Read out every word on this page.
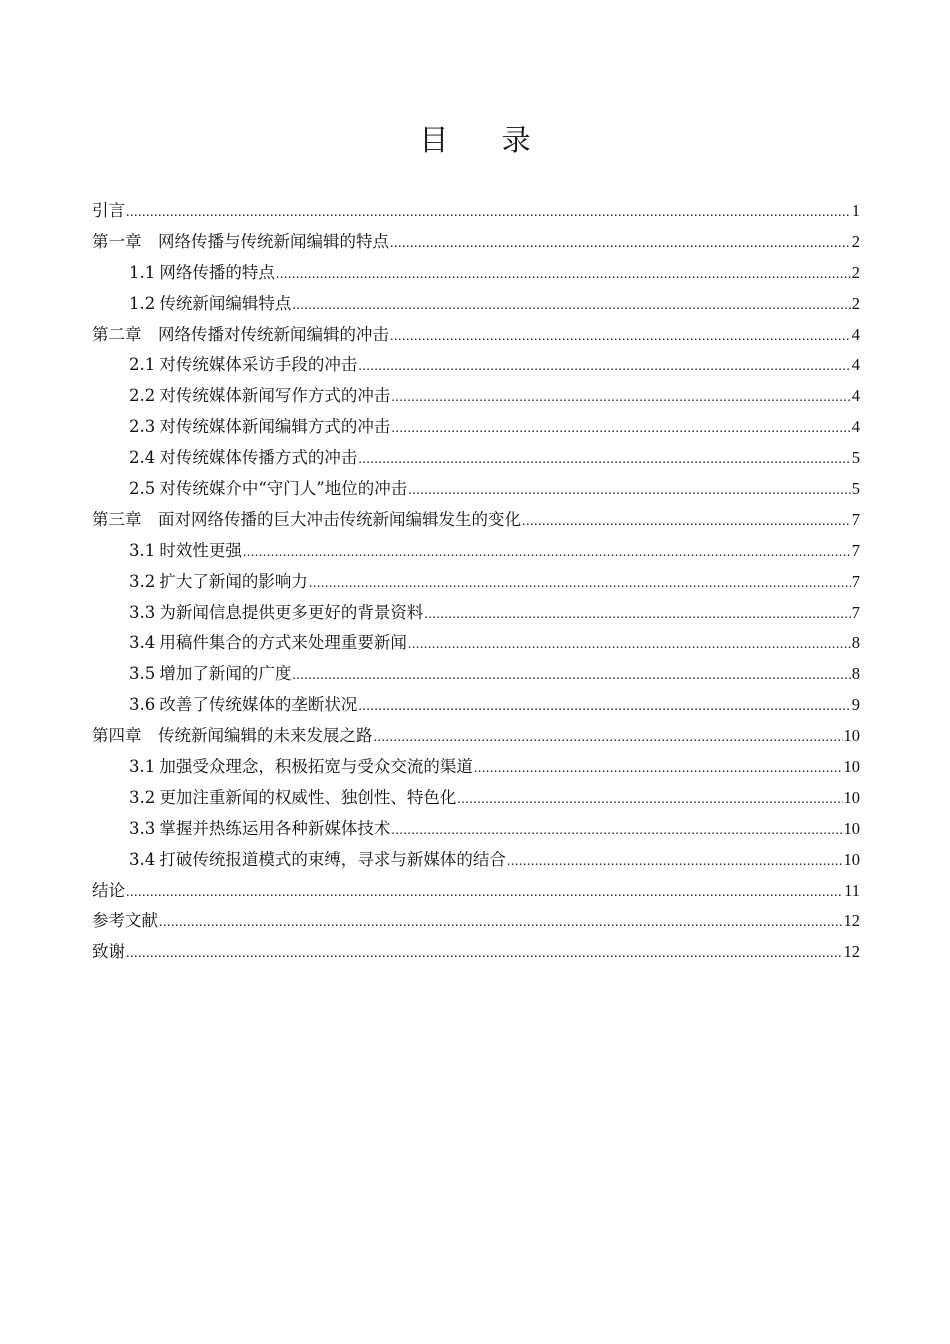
目 录
引言 .....	1
第一章 网络传播与传统新闻编辑的特点 .....	2
1.1 网络传播的特点 .....	2
1.2 传统新闻编辑特点 .....	2
第二章 网络传播对传统新闻编辑的冲击 .....	4
2.1 对传统媒体采访手段的冲击 .....	4
2.2 对传统媒体新闻写作方式的冲击 .....	4
2.3 对传统媒体新闻编辑方式的冲击 .....	4
2.4 对传统媒体传播方式的冲击 .....	5
2.5 对传统媒介中“守门人”地位的冲击 .....	5
第三章 面对网络传播的巨大冲击传统新闻编辑发生的变化 .....	7
3.1 时效性更强 .....	7
3.2 扩大了新闻的影响力 .....	7
3.3 为新闻信息提供更多更好的背景资料 .....	7
3.4 用稿件集合的方式来处理重要新闻 .....	8
3.5 增加了新闻的广度 .....	8
3.6 改善了传统媒体的垄断状况 .....	9
第四章 传统新闻编辑的未来发展之路 .....	10
3.1 加强受众理念，积极拓宽与受众交流的渠道 .....	10
3.2 更加注重新闻的权威性、独创性、特色化 .....	10
3.3 掌握并热练运用各种新媒体技术 .....	10
3.4 打破传统报道模式的束缚，寻求与新媒体的结合 .....	10
结论 .....	11
参考文献 .....	12
致谢 .....	12
